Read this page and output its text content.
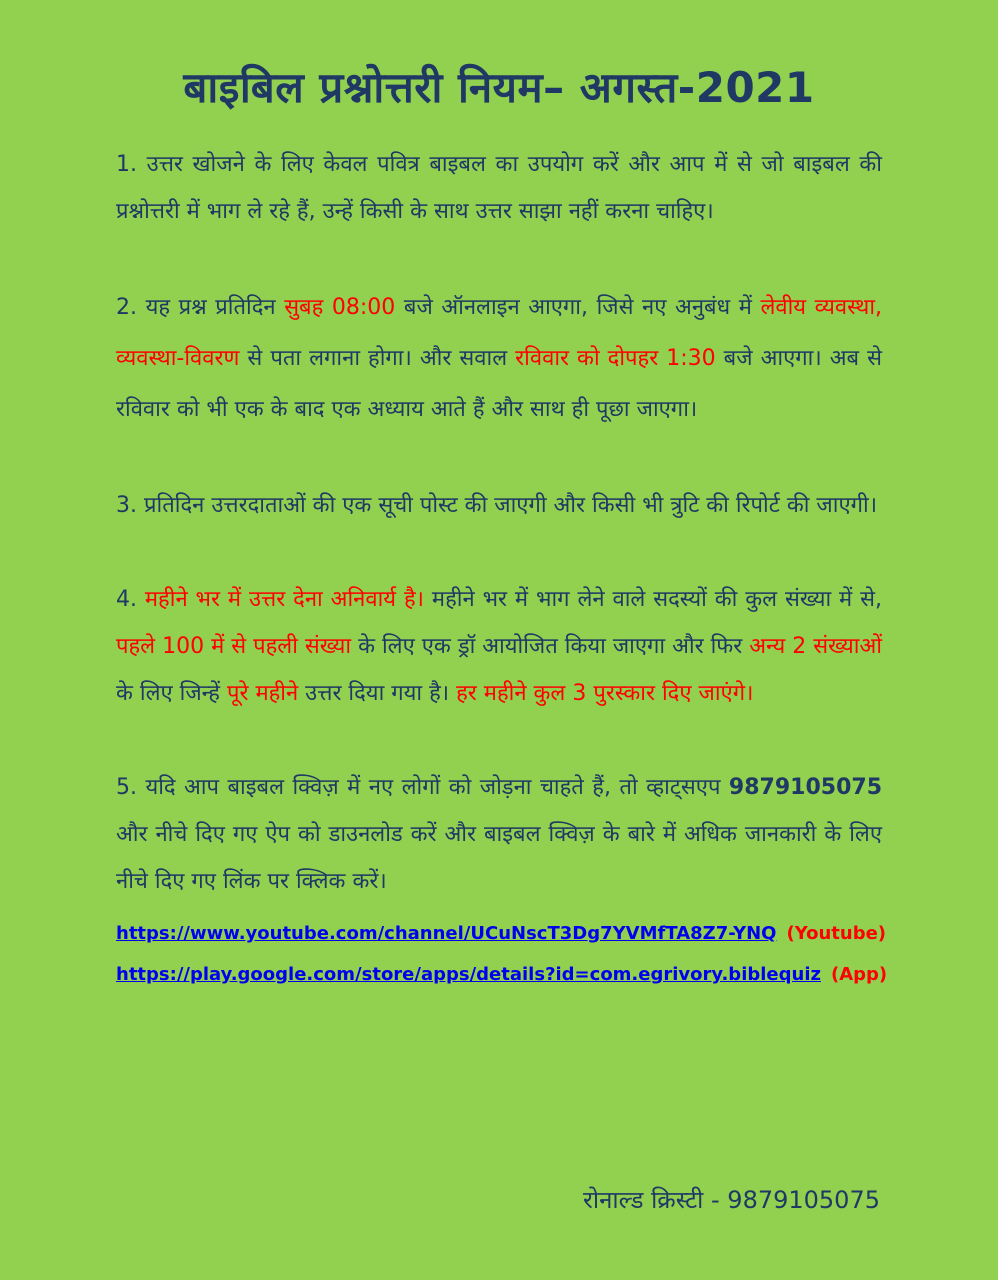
बाइबिल प्रश्नोत्तरी नियम– अगस्त-2021

1. उत्तर खोजने के लिए केवल पवित्र बाइबल का उपयोग करें और आप में से जो बाइबल की प्रश्नोत्तरी में भाग ले रहे हैं, उन्हें किसी के साथ उत्तर साझा नहीं करना चाहिए।

2. यह प्रश्न प्रतिदिन सुबह 08:00 बजे ऑनलाइन आएगा, जिसे नए अनुबंध में लेवीय व्यवस्था, व्यवस्था-विवरण से पता लगाना होगा। और सवाल रविवार को दोपहर 1:30 बजे आएगा। अब से रविवार को भी एक के बाद एक अध्याय आते हैं और साथ ही पूछा जाएगा।

3. प्रतिदिन उत्तरदाताओं की एक सूची पोस्ट की जाएगी और किसी भी त्रुटि की रिपोर्ट की जाएगी।

4. महीने भर में उत्तर देना अनिवार्य है। महीने भर में भाग लेने वाले सदस्यों की कुल संख्या में से, पहले 100 में से पहली संख्या के लिए एक ड्रॉ आयोजित किया जाएगा और फिर अन्य 2 संख्याओं के लिए जिन्हें पूरे महीने उत्तर दिया गया है। हर महीने कुल 3 पुरस्कार दिए जाएंगे।

5. यदि आप बाइबल क्विज़ में नए लोगों को जोड़ना चाहते हैं, तो व्हाट्सएप 9879105075 और नीचे दिए गए ऐप को डाउनलोड करें और बाइबल क्विज़ के बारे में अधिक जानकारी के लिए नीचे दिए गए लिंक पर क्लिक करें।

https://www.youtube.com/channel/UCuNscT3Dg7YVMfTA8Z7-YNQ (Youtube)
https://play.google.com/store/apps/details?id=com.egrivory.biblequiz (App)
रोनाल्ड क्रिस्टी - 9879105075
